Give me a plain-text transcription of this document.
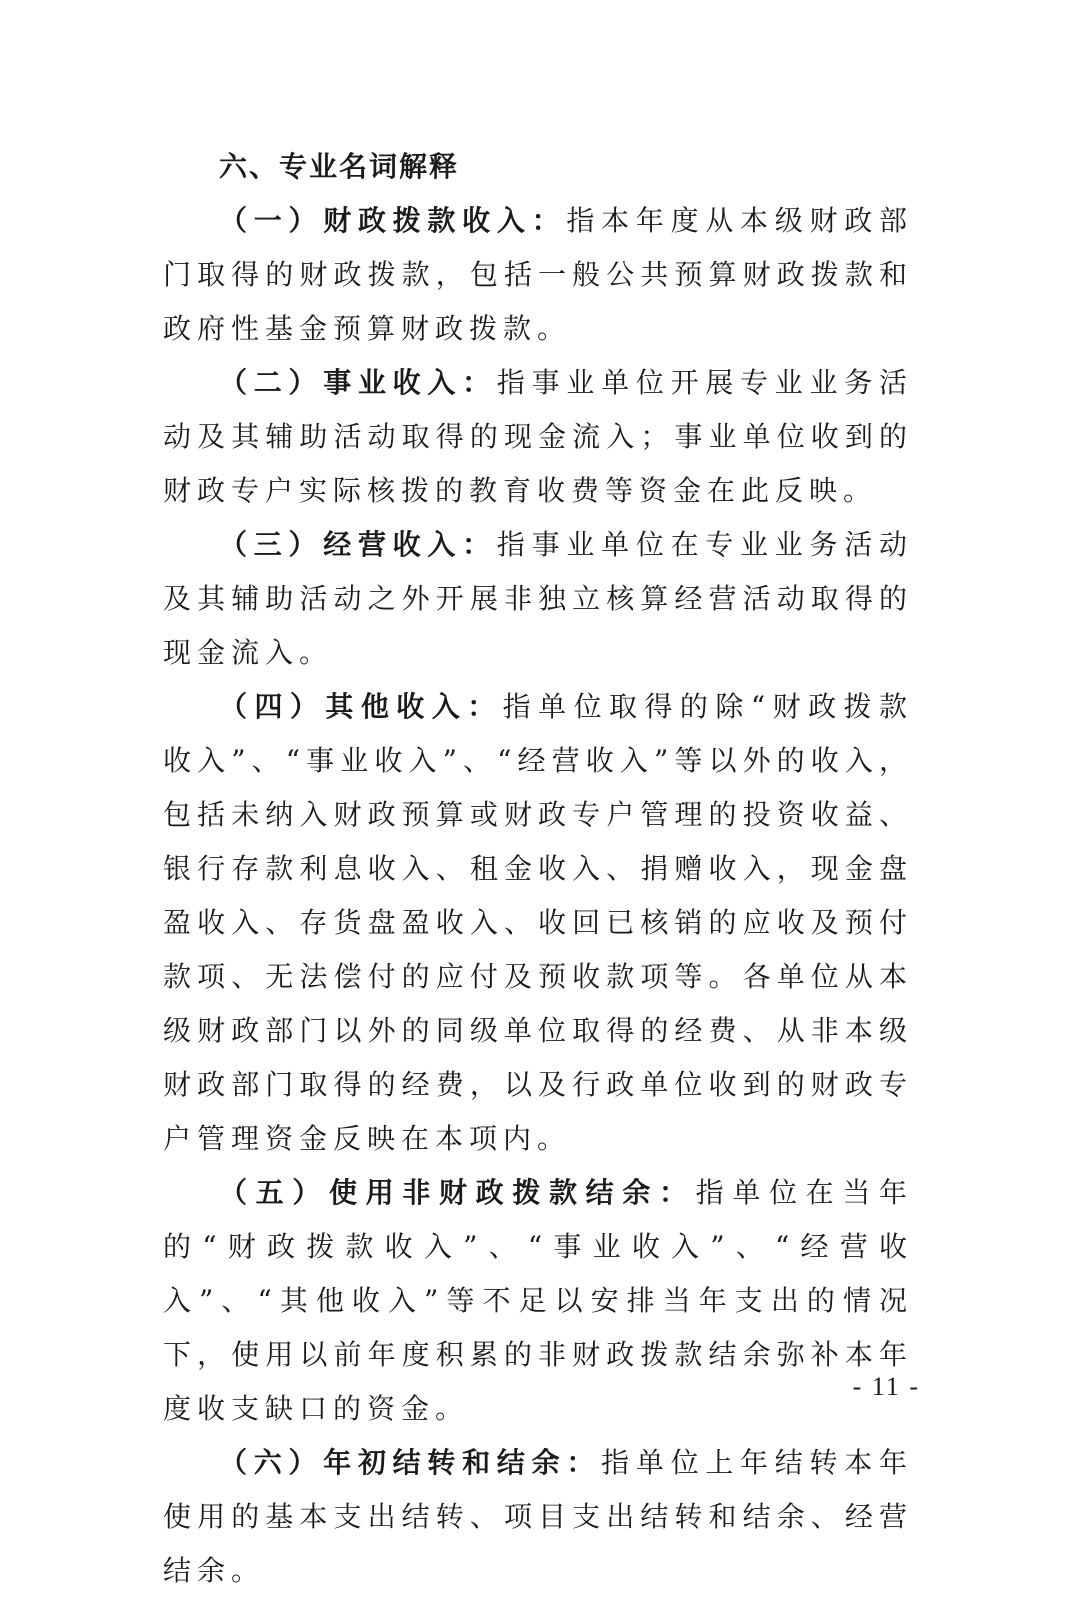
六、专业名词解释

（一）财政拨款收入：指本年度从本级财政部门取得的财政拨款，包括一般公共预算财政拨款和政府性基金预算财政拨款。

（二）事业收入：指事业单位开展专业业务活动及其辅助活动取得的现金流入；事业单位收到的财政专户实际核拨的教育收费等资金在此反映。

（三）经营收入：指事业单位在专业业务活动及其辅助活动之外开展非独立核算经营活动取得的现金流入。

（四）其他收入：指单位取得的除“财政拨款收入”、“事业收入”、“经营收入”等以外的收入，包括未纳入财政预算或财政专户管理的投资收益、银行存款利息收入、租金收入、捐赠收入，现金盘盈收入、存货盘盈收入、收回已核销的应收及预付款项、无法偿付的应付及预收款项等。各单位从本级财政部门以外的同级单位取得的经费、从非本级财政部门取得的经费，以及行政单位收到的财政专户管理资金反映在本项内。

（五）使用非财政拨款结余：指单位在当年的“财政拨款收入”、“事业收入”、“经营收入”、“其他收入”等不足以安排当年支出的情况下，使用以前年度积累的非财政拨款结余弥补本年度收支缺口的资金。

（六）年初结转和结余：指单位上年结转本年使用的基本支出结转、项目支出结转和结余、经营结余。

- 11 -
